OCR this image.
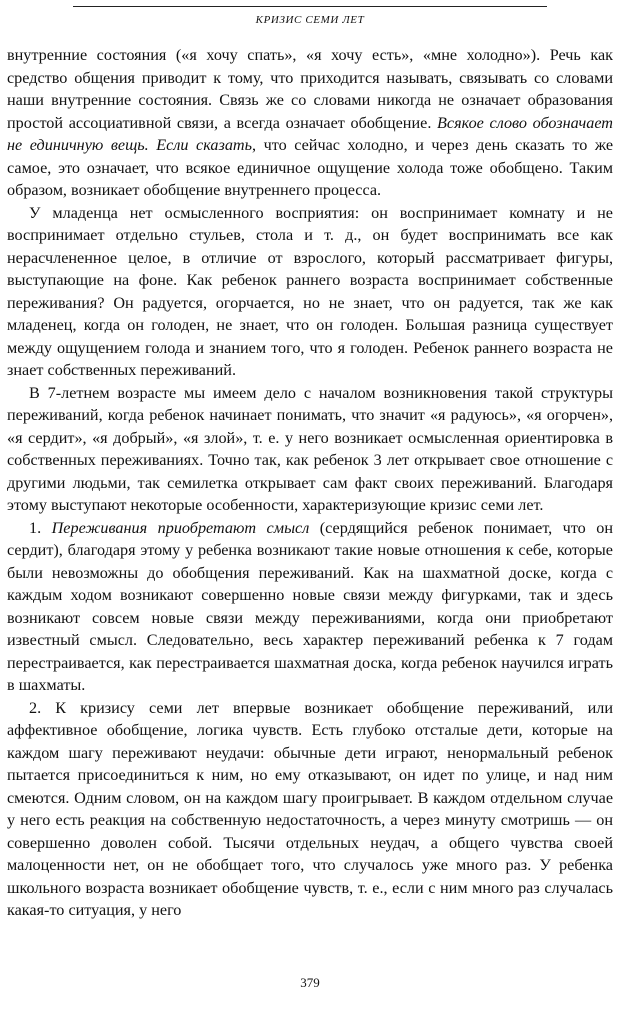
КРИЗИС СЕМИ ЛЕТ

внутренние состояния («я хочу спать», «я хочу есть», «мне холодно»). Речь как средство общения приводит к тому, что приходится называть, связывать со словами наши внутренние состояния. Связь же со словами никогда не означает образования простой ассоциативной связи, а всегда означает обобщение. Всякое слово обозначает не единичную вещь. Если сказать, что сейчас холодно, и через день сказать то же самое, это означает, что всякое единичное ощущение холода тоже обобщено. Таким образом, возникает обобщение внутреннего процесса.

У младенца нет осмысленного восприятия: он воспринимает комнату и не воспринимает отдельно стульев, стола и т. д., он будет воспринимать все как нерасчлененное целое, в отличие от взрослого, который рассматривает фигуры, выступающие на фоне. Как ребенок раннего возраста воспринимает собственные переживания? Он радуется, огорчается, но не знает, что он радуется, так же как младенец, когда он голоден, не знает, что он голоден. Большая разница существует между ощущением голода и знанием того, что я голоден. Ребенок раннего возраста не знает собственных переживаний.

В 7-летнем возрасте мы имеем дело с началом возникновения такой структуры переживаний, когда ребенок начинает понимать, что значит «я радуюсь», «я огорчен», «я сердит», «я добрый», «я злой», т. е. у него возникает осмысленная ориентировка в собственных переживаниях. Точно так, как ребенок 3 лет открывает свое отношение с другими людьми, так семилетка открывает сам факт своих переживаний. Благодаря этому выступают некоторые особенности, характеризующие кризис семи лет.

1. Переживания приобретают смысл (сердящийся ребенок понимает, что он сердит), благодаря этому у ребенка возникают такие новые отношения к себе, которые были невозможны до обобщения переживаний. Как на шахматной доске, когда с каждым ходом возникают совершенно новые связи между фигурками, так и здесь возникают совсем новые связи между переживаниями, когда они приобретают известный смысл. Следовательно, весь характер переживаний ребенка к 7 годам перестраивается, как перестраивается шахматная доска, когда ребенок научился играть в шахматы.

2. К кризису семи лет впервые возникает обобщение переживаний, или аффективное обобщение, логика чувств. Есть глубоко отсталые дети, которые на каждом шагу переживают неудачи: обычные дети играют, ненормальный ребенок пытается присоединиться к ним, но ему отказывают, он идет по улице, и над ним смеются. Одним словом, он на каждом шагу проигрывает. В каждом отдельном случае у него есть реакция на собственную недостаточность, а через минуту смотришь — он совершенно доволен собой. Тысячи отдельных неудач, а общего чувства своей малоценности нет, он не обобщает того, что случалось уже много раз. У ребенка школьного возраста возникает обобщение чувств, т. е., если с ним много раз случалась какая-то ситуация, у него

379
